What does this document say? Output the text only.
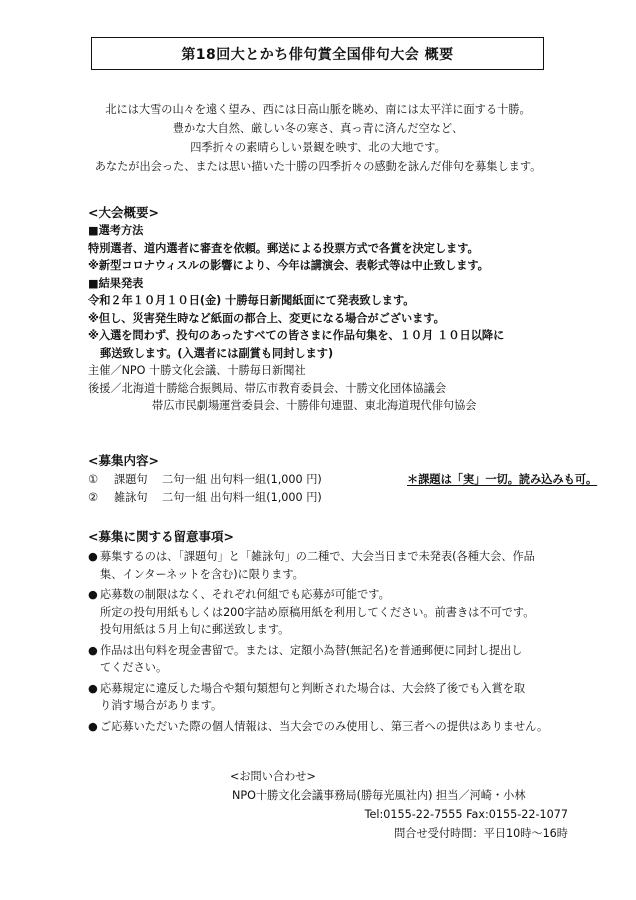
第18回大とかち俳句賞全国俳句大会 概要
北には大雪の山々を遠く望み、西には日高山脈を眺め、南には太平洋に面する十勝。
豊かな大自然、厳しい冬の寒さ、真っ青に済んだ空など、
四季折々の素晴らしい景観を映す、北の大地です。
あなたが出会った、または思い描いた十勝の四季折々の感動を詠んだ俳句を募集します。
<大会概要>
■選考方法
特別選者、道内選者に審査を依頼。郵送による投票方式で各賞を決定します。
※新型コロナウィスルの影響により、今年は講演会、表彰式等は中止致します。
■結果発表
令和２年１０月１０日(金) 十勝毎日新聞紙面にて発表致します。
※但し、災害発生時など紙面の都合上、変更になる場合がございます。
※入選を問わず、投句のあったすべての皆さまに作品句集を、１０月 １０日以降に
郵送致します。(入選者には副賞も同封します)
主催／NPO 十勝文化会議、十勝毎日新聞社
後援／北海道十勝総合振興局、帯広市教育委員会、十勝文化団体協議会
帯広市民劇場運営委員会、十勝俳句連盟、東北海道現代俳句協会
<募集内容>
①	課題句	二句一組 出句料一組(1,000 円)	＊課題は「実」一切。読み込みも可。
②	雑詠句	二句一組 出句料一組(1,000 円)
<募集に関する留意事項>
● 募集するのは、「課題句」と「雑詠句」の二種で、大会当日まで未発表(各種大会、作品
集、インターネットを含む)に限ります。
● 応募数の制限はなく、それぞれ何組でも応募が可能です。
所定の投句用紙もしくは200字詰め原稿用紙を利用してください。前書きは不可です。
投句用紙は５月上旬に郵送致します。
● 作品は出句料を現金書留で。または、定額小為替(無記名)を普通郵便に同封し提出し
てください。
● 応募規定に違反した場合や類句類想句と判断された場合は、大会終了後でも入賞を取
り消す場合があります。
● ご応募いただいた際の個人情報は、当大会でのみ使用し、第三者への提供はありません。
<お問い合わせ>
NPO十勝文化会議事務局(勝毎光風社内) 担当／河崎・小林
Tel:0155-22-7555 Fax:0155-22-1077
問合せ受付時間：平日10時〜16時
